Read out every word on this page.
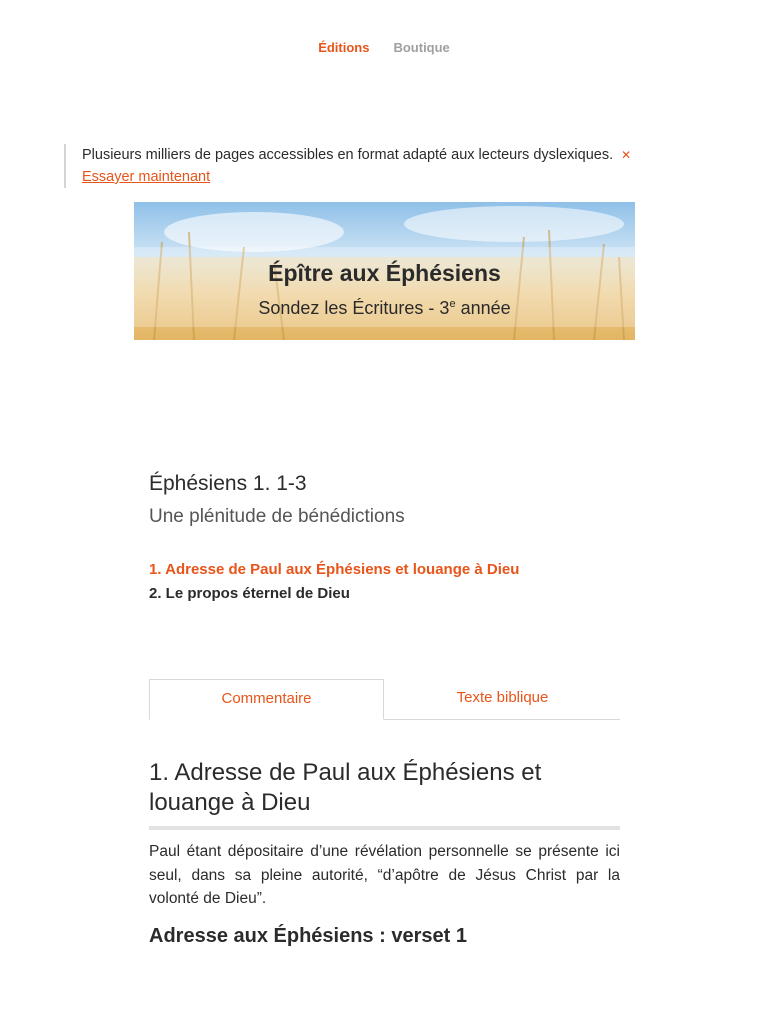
Éditions Boutique
Plusieurs milliers de pages accessibles en format adapté aux lecteurs dyslexiques. ✕
Essayer maintenant
Épître aux Éphésiens
Sondez les Écritures - 3e année
Éphésiens 1. 1-3
Une plénitude de bénédictions
1. Adresse de Paul aux Éphésiens et louange à Dieu
2. Le propos éternel de Dieu
Commentaire	Texte biblique
1. Adresse de Paul aux Éphésiens et louange à Dieu

Paul étant dépositaire d’une révélation personnelle se présente ici seul, dans sa pleine autorité, “d’apôtre de Jésus Christ par la volonté de Dieu”.

Adresse aux Éphésiens : verset 1
